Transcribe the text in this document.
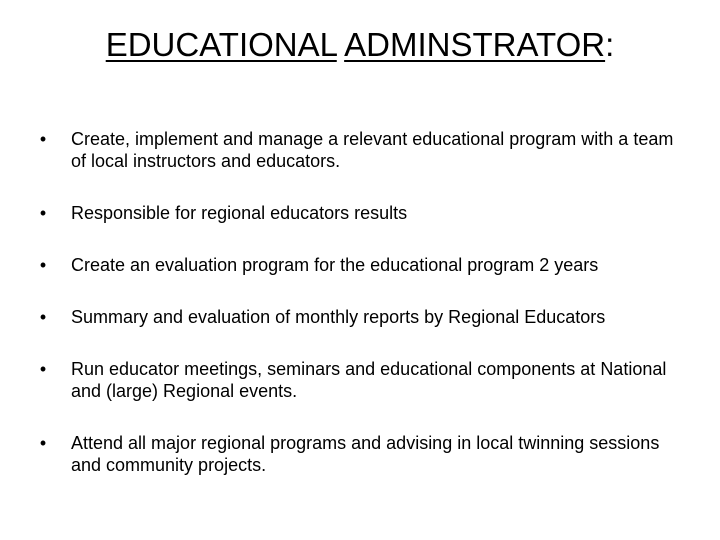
EDUCATIONAL ADMINSTRATOR:
• Create, implement and manage a relevant educational program with a team of local instructors and educators.
• Responsible for regional educators results
• Create an evaluation program for the educational program 2 years
• Summary and evaluation of monthly reports by Regional Educators
• Run educator meetings, seminars and educational components at National and (large) Regional events.
• Attend all major regional programs and advising in local twinning sessions and community projects.
